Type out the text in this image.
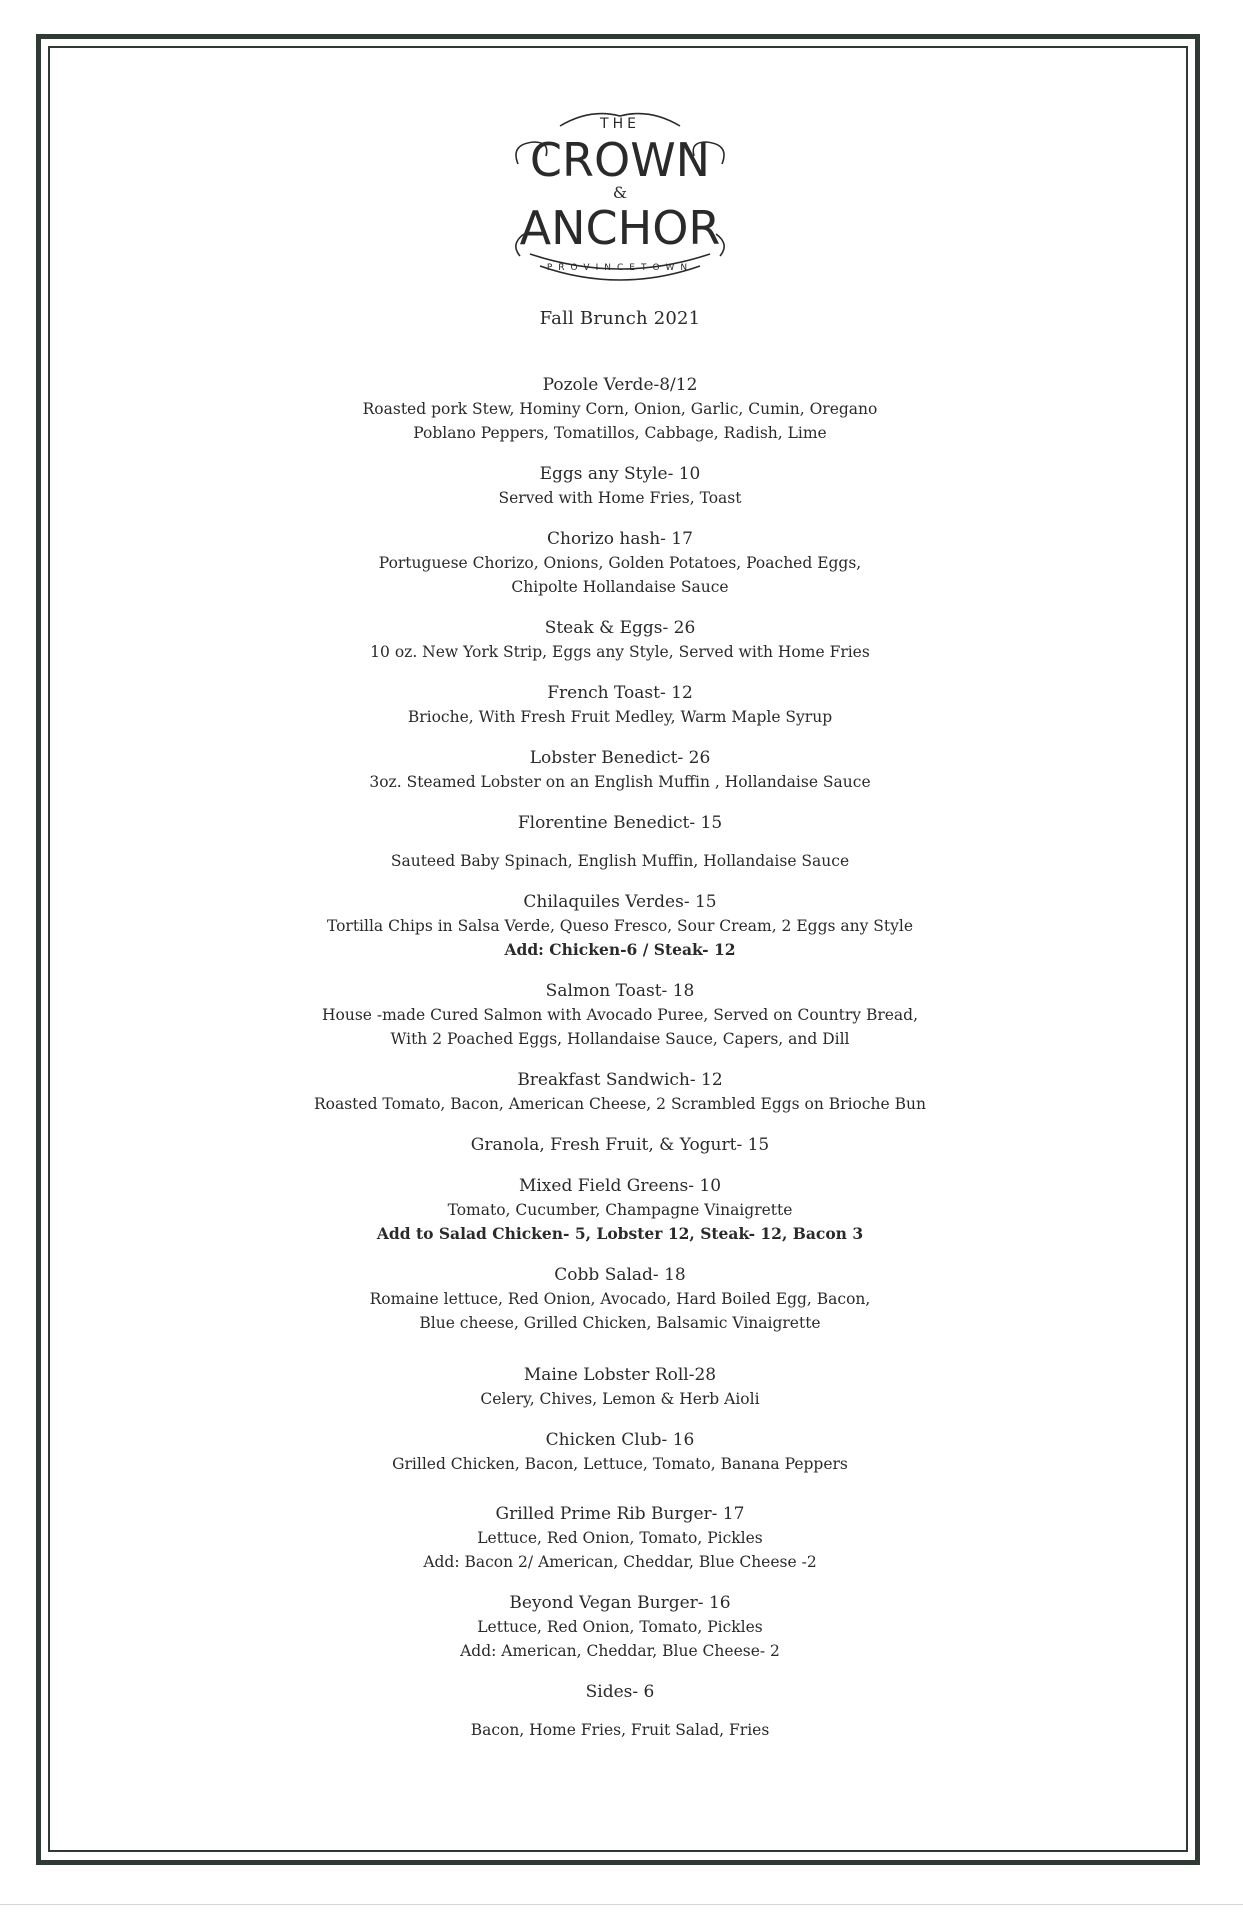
THE
CROWN
&
ANCHOR
PROVINCETOWN
Fall Brunch 2021
Pozole Verde-8/12
Roasted pork Stew, Hominy Corn, Onion, Garlic, Cumin, Oregano
Poblano Peppers, Tomatillos, Cabbage, Radish, Lime
Eggs any Style- 10
Served with Home Fries, Toast
Chorizo hash- 17
Portuguese Chorizo, Onions, Golden Potatoes, Poached Eggs,
Chipolte Hollandaise Sauce
Steak & Eggs- 26
10 oz. New York Strip, Eggs any Style, Served with Home Fries
French Toast- 12
Brioche, With Fresh Fruit Medley, Warm Maple Syrup
Lobster Benedict- 26
3oz. Steamed Lobster on an English Muffin , Hollandaise Sauce
Florentine Benedict- 15
Sauteed Baby Spinach, English Muffin, Hollandaise Sauce
Chilaquiles Verdes- 15
Tortilla Chips in Salsa Verde, Queso Fresco, Sour Cream, 2 Eggs any Style
Add: Chicken-6 / Steak- 12
Salmon Toast- 18
House -made Cured Salmon with Avocado Puree, Served on Country Bread,
With 2 Poached Eggs, Hollandaise Sauce, Capers, and Dill
Breakfast Sandwich- 12
Roasted Tomato, Bacon, American Cheese, 2 Scrambled Eggs on Brioche Bun
Granola, Fresh Fruit, & Yogurt- 15
Mixed Field Greens- 10
Tomato, Cucumber, Champagne Vinaigrette
Add to Salad Chicken- 5, Lobster 12, Steak- 12, Bacon 3
Cobb Salad- 18
Romaine lettuce, Red Onion, Avocado, Hard Boiled Egg, Bacon,
Blue cheese, Grilled Chicken, Balsamic Vinaigrette
Maine Lobster Roll-28
Celery, Chives, Lemon & Herb Aioli
Chicken Club- 16
Grilled Chicken, Bacon, Lettuce, Tomato, Banana Peppers
Grilled Prime Rib Burger- 17
Lettuce, Red Onion, Tomato, Pickles
Add: Bacon 2/ American, Cheddar, Blue Cheese -2
Beyond Vegan Burger- 16
Lettuce, Red Onion, Tomato, Pickles
Add: American, Cheddar, Blue Cheese- 2
Sides- 6
Bacon, Home Fries, Fruit Salad, Fries
